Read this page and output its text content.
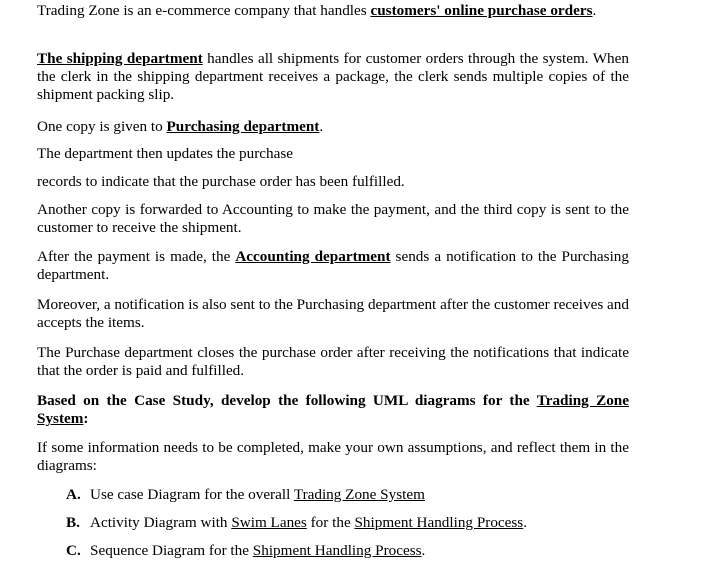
Trading Zone is an e-commerce company that handles customers' online purchase orders.

The shipping department handles all shipments for customer orders through the system. When the clerk in the shipping department receives a package, the clerk sends multiple copies of the shipment packing slip.

One copy is given to Purchasing department.

The department then updates the purchase

records to indicate that the purchase order has been fulfilled.

Another copy is forwarded to Accounting to make the payment, and the third copy is sent to the customer to receive the shipment.

After the payment is made, the Accounting department sends a notification to the Purchasing department.

Moreover, a notification is also sent to the Purchasing department after the customer receives and accepts the items.

The Purchase department closes the purchase order after receiving the notifications that indicate that the order is paid and fulfilled.

Based on the Case Study, develop the following UML diagrams for the Trading Zone System:

If some information needs to be completed, make your own assumptions, and reflect them in the diagrams:

A. Use case Diagram for the overall Trading Zone System

B. Activity Diagram with Swim Lanes for the Shipment Handling Process.

C. Sequence Diagram for the Shipment Handling Process.
